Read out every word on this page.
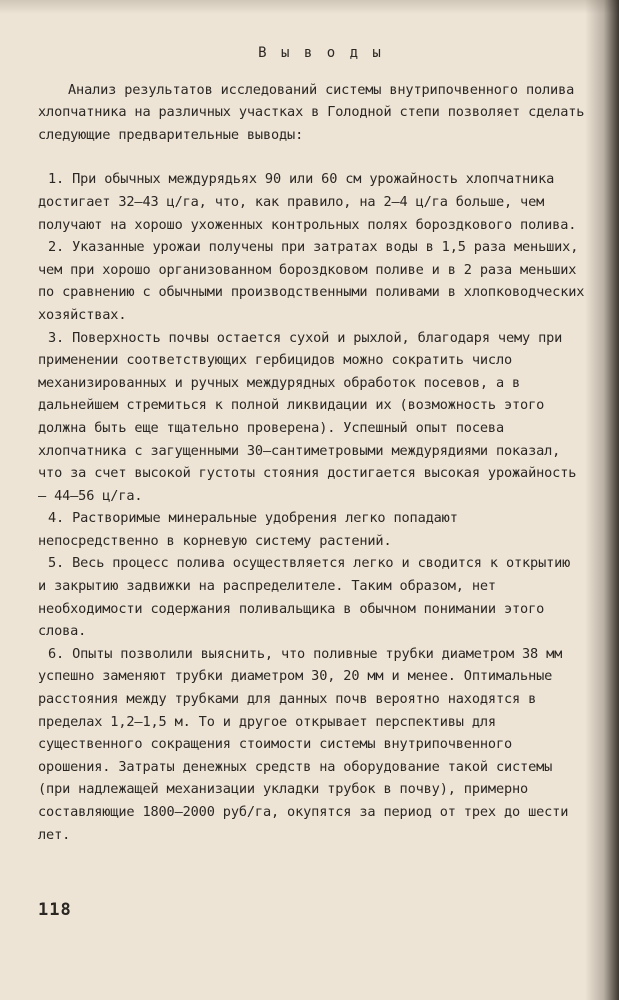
В ы в о д ы

Анализ результатов исследований системы внутрипочвенного полива хлопчатника на различных участках в Голодной степи позволяет сделать следующие предварительные выводы:

1. При обычных междурядьях 90 или 60 см урожайность хлопчатника достигает 32–43 ц/га, что, как правило, на 2–4 ц/га больше, чем получают на хорошо ухоженных контрольных полях бороздкового полива.

2. Указанные урожаи получены при затратах воды в 1,5 раза меньших, чем при хорошо организованном бороздковом поливе и в 2 раза меньших по сравнению с обычными производственными поливами в хлопководческих хозяйствах.

3. Поверхность почвы остается сухой и рыхлой, благодаря чему при применении соответствующих гербицидов можно сократить число механизированных и ручных междурядных обработок посевов, а в дальнейшем стремиться к полной ликвидации их (возможность этого должна быть еще тщательно проверена). Успешный опыт посева хлопчатника с загущенными 30–сантиметровыми междурядиями показал, что за счет высокой густоты стояния достигается высокая урожайность – 44–56 ц/га.

4. Растворимые минеральные удобрения легко попадают непосредственно в корневую систему растений.

5. Весь процесс полива осуществляется легко и сводится к открытию и закрытию задвижки на распределителе. Таким образом, нет необходимости содержания поливальщика в обычном понимании этого слова.

6. Опыты позволили выяснить, что поливные трубки диаметром 38 мм успешно заменяют трубки диаметром 30, 20 мм и менее. Оптимальные расстояния между трубками для данных почв вероятно находятся в пределах 1,2–1,5 м. То и другое открывает перспективы для существенного сокращения стоимости системы внутрипочвенного орошения. Затраты денежных средств на оборудование такой системы (при надлежащей механизации укладки трубок в почву), примерно составляющие 1800–2000 руб/га, окупятся за период от трех до шести лет.

118
